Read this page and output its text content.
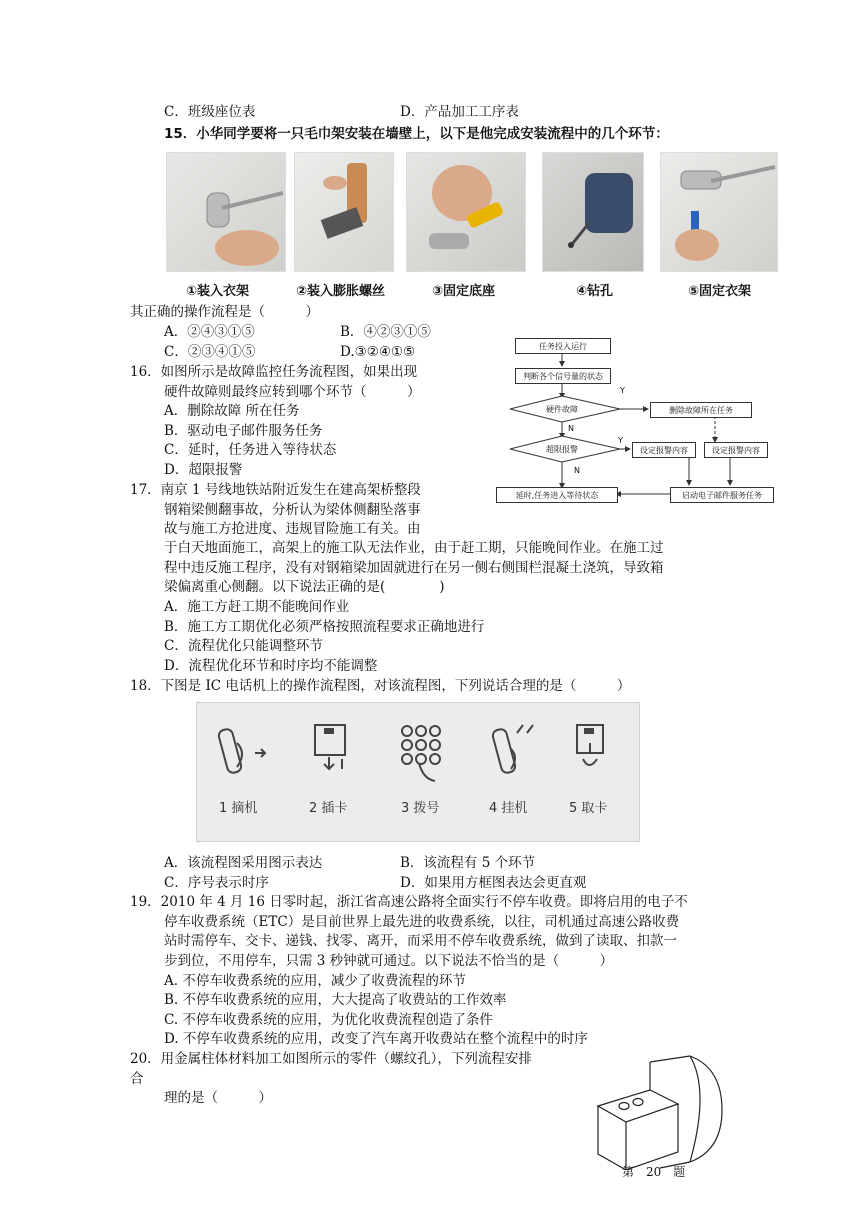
C．班级座位表	D．产品加工工序表
15．小华同学要将一只毛巾架安装在墙壁上，以下是他完成安装流程中的几个环节：
①装入衣架	②装入膨胀螺丝	③固定底座	④钻孔	⑤固定衣架
其正确的操作流程是（　　　）
A．②④③①⑤	B．④②③①⑤
C．②③④①⑤	D.③②④①⑤
16．如图所示是故障监控任务流程图，如果出现
硬件故障则最终应转到哪个环节（　　　）
A．删除故障 所在任务
B．驱动电子邮件服务任务
C．延时，任务进入等待状态
D．超限报警
任务投入运行
判断各个信号量的状态
硬件故障
超限报警
删除故障所在任务
设定报警内容	设定报警内容
延时,任务进入等待状态	启动电子邮件服务任务
Y
N
Y
N
17．南京 1 号线地铁站附近发生在建高架桥整段
钢箱梁侧翻事故，分析认为梁体侧翻坠落事
故与施工方抢进度、违规冒险施工有关。由
于白天地面施工，高架上的施工队无法作业，由于赶工期，只能晚间作业。在施工过
程中违反施工程序，没有对钢箱梁加固就进行在另一侧右侧围栏混凝土浇筑，导致箱
梁偏离重心侧翻。以下说法正确的是(　　　　)
A．施工方赶工期不能晚间作业
B．施工方工期优化必须严格按照流程要求正确地进行
C．流程优化只能调整环节
D．流程优化环节和时序均不能调整
18．下图是 IC 电话机上的操作流程图，对该流程图，下列说话合理的是（　　　）
1 摘机	2 插卡	3 拨号	4 挂机	5 取卡
A．该流程图采用图示表达	B．该流程有 5 个环节
C．序号表示时序	D．如果用方框图表达会更直观
19．2010 年 4 月 16 日零时起，浙江省高速公路将全面实行不停车收费。即将启用的电子不
停车收费系统（ETC）是目前世界上最先进的收费系统，以往，司机通过高速公路收费
站时需停车、交卡、递钱、找零、离开，而采用不停车收费系统，做到了读取、扣款一
步到位，不用停车，只需 3 秒钟就可通过。以下说法不恰当的是（　　　）
A. 不停车收费系统的应用，减少了收费流程的环节
B. 不停车收费系统的应用，大大提高了收费站的工作效率
C. 不停车收费系统的应用，为优化收费流程创造了条件
D. 不停车收费系统的应用，改变了汽车离开收费站在整个流程中的时序
20．用金属柱体材料加工如图所示的零件（螺纹孔），下列流程安排
合
理的是（　　　）
第　20　题
